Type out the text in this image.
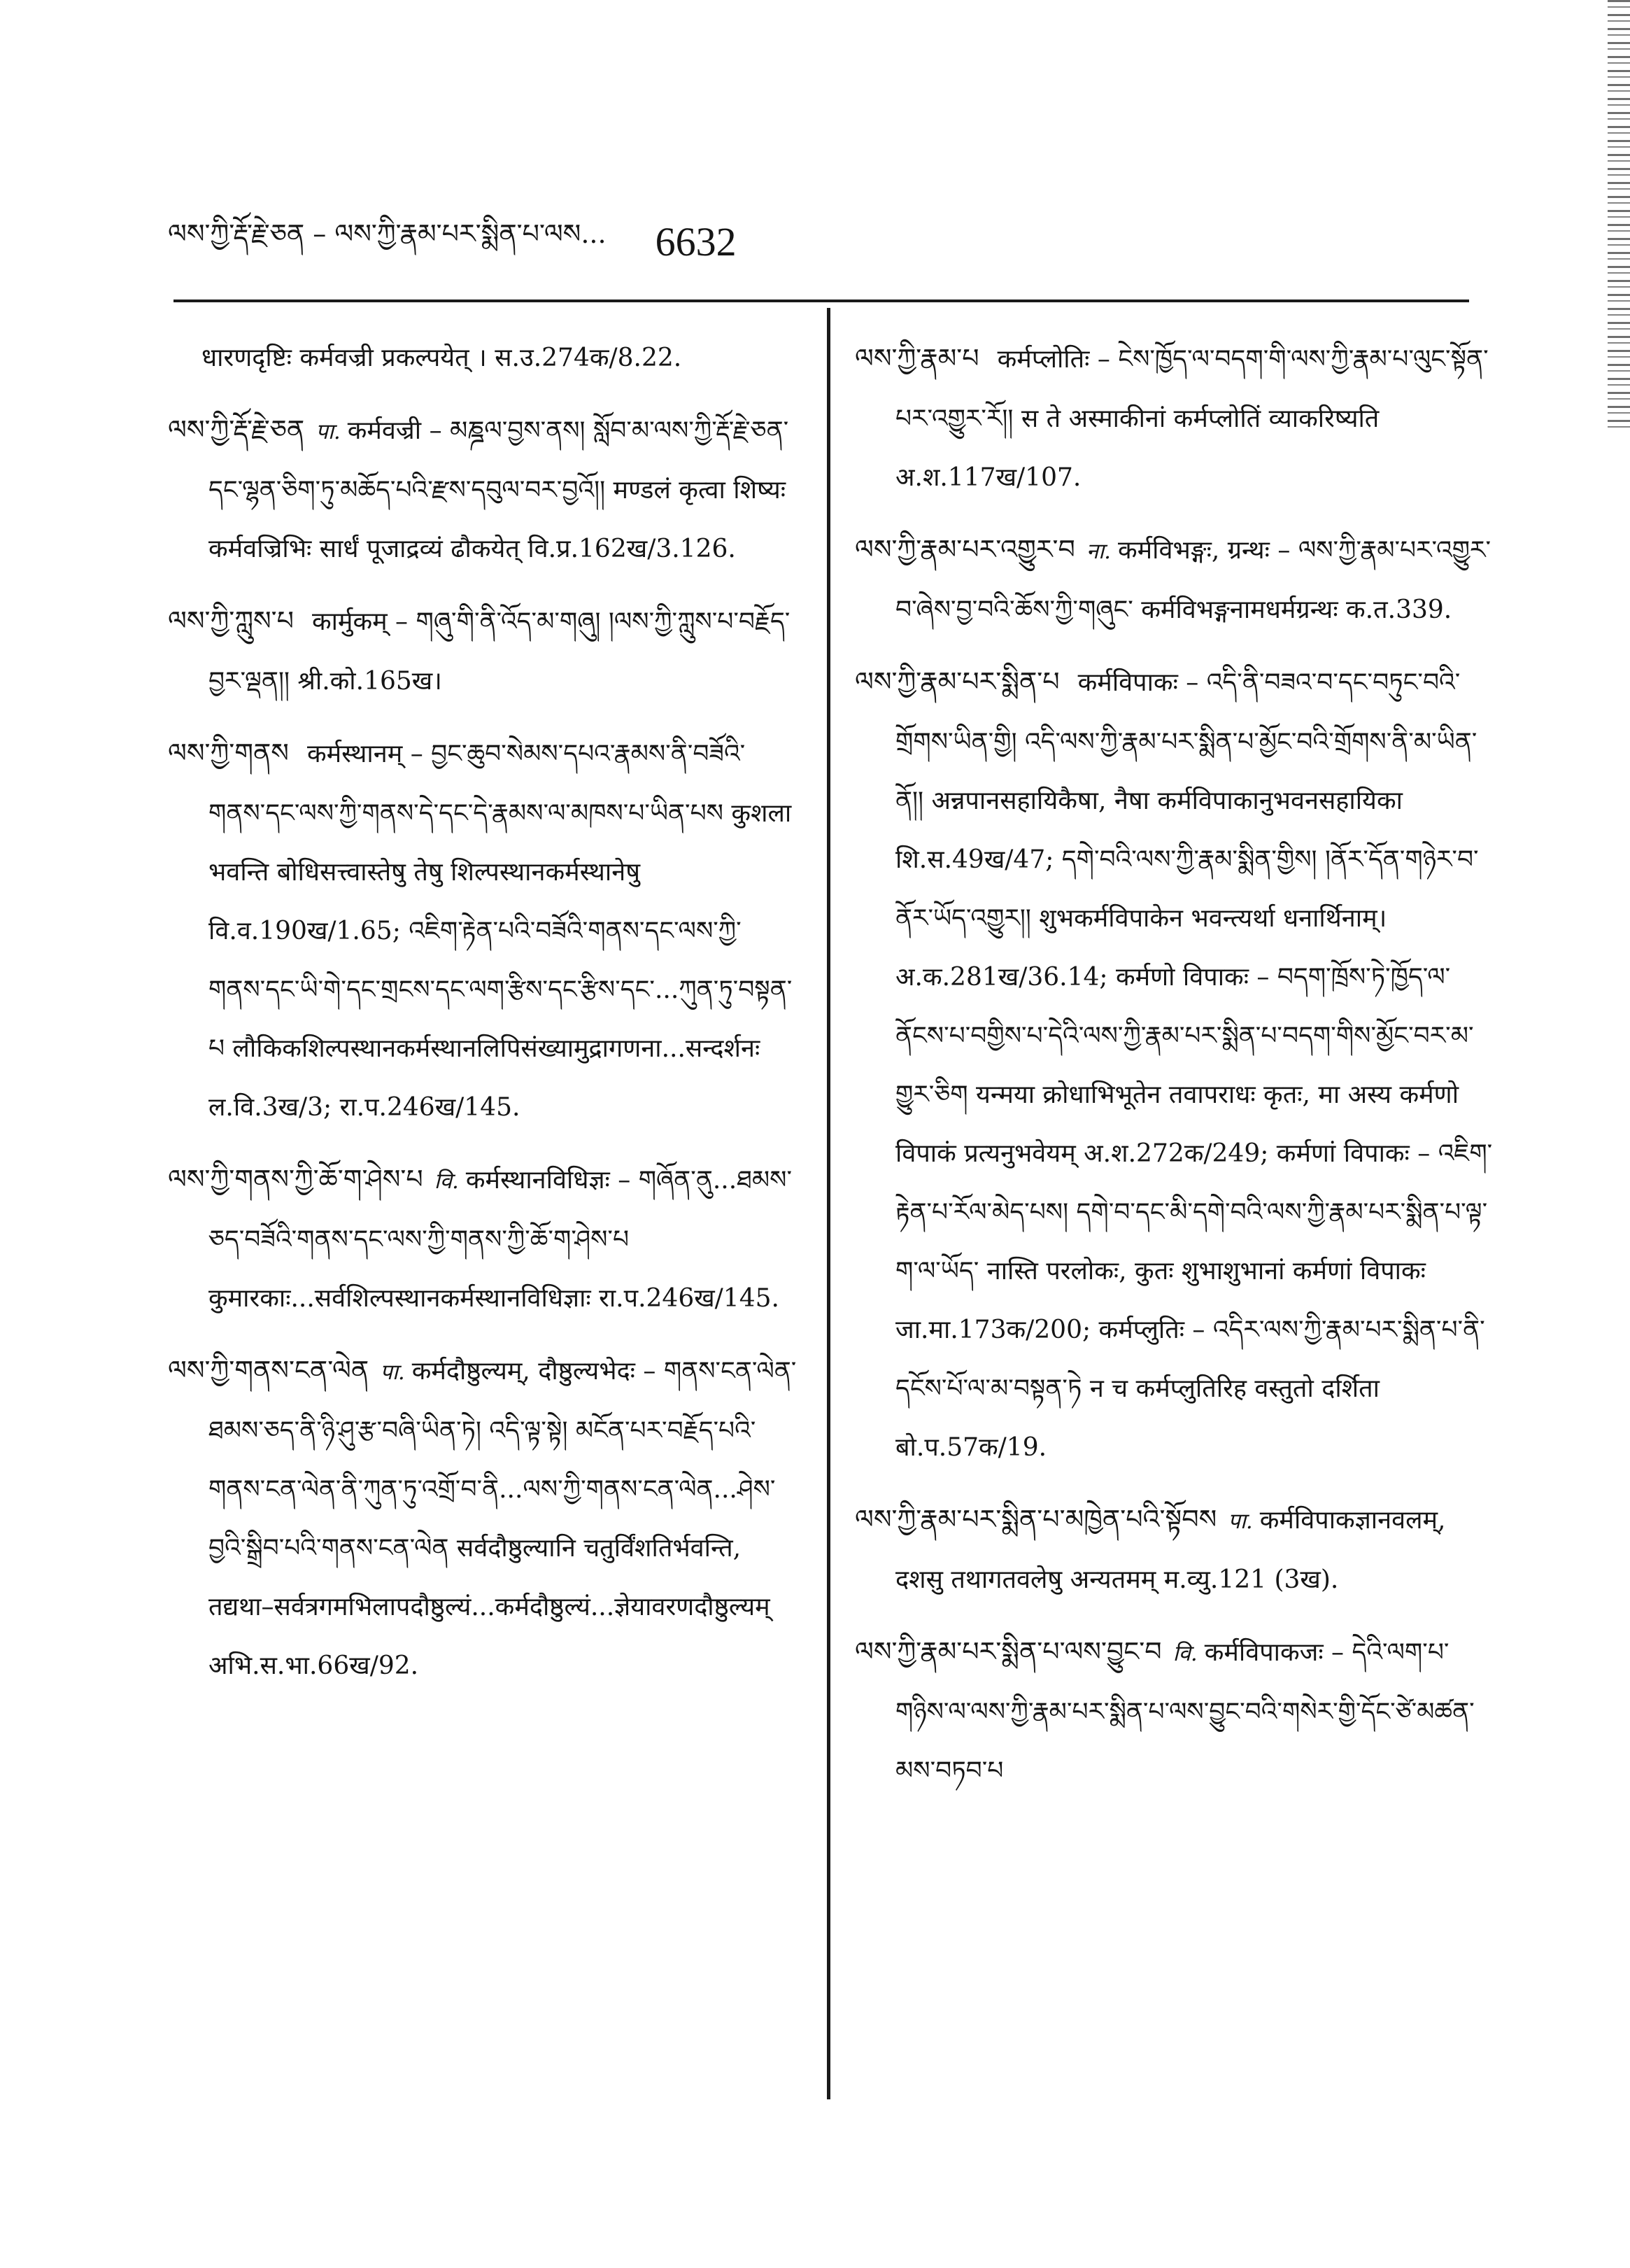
ལས་ཀྱི་རྡོ་རྗེ་ཅན – ལས་ཀྱི་རྣམ་པར་སྨིན་པ་ལས... 6632

धारणदृष्टिः कर्मवज्री प्रकल्पयेत् । स.उ.274क/8.22.

ལས་ཀྱི་རྡོ་རྗེ་ཅན पा. कर्मवज्री – མཎྜལ་བྱས་ནས། སློབ་མ་ལས་ཀྱི་རྡོ་རྗེ་ཅན་དང་ལྷན་ཅིག་ཏུ་མཆོད་པའི་རྫས་དབུལ་བར་བྱའོ།། मण्डलं कृत्वा शिष्यः कर्मवज्रिभिः सार्धं पूजाद्रव्यं ढौकयेत् वि.प्र.162ख/3.126.

ལས་ཀྱི་ཀླུས་པ कार्मुकम् – གཞུ་གི་ནི་འོད་མ་གཞུ། །ལས་ཀྱི་ཀླུས་པ་བརྗོད་བྱར་ལྡན།། श्री.को.165ख।

ལས་ཀྱི་གནས कर्मस्थानम् – བྱང་ཆུབ་སེམས་དཔའ་རྣམས་ནི་བཟོའི་གནས་དང་ལས་ཀྱི་གནས་དེ་དང་དེ་རྣམས་ལ་མཁས་པ་ཡིན་པས कुशला भवन्ति बोधिसत्त्वास्तेषु तेषु शिल्पस्थानकर्मस्थानेषु वि.व.190ख/1.65; འཇིག་རྟེན་པའི་བཟོའི་གནས་དང་ལས་ཀྱི་གནས་དང་ཡི་གེ་དང་གྲངས་དང་ལག་རྩིས་དང་རྩིས་དང་...ཀུན་ཏུ་བསྟན་པ लौकिकशिल्पस्थानकर्मस्थानलिपिसंख्यामुद्रागणना...सन्दर्शनः ल.वि.3ख/3; रा.प.246ख/145.

ལས་ཀྱི་གནས་ཀྱི་ཆོ་ག་ཤེས་པ वि. कर्मस्थानविधिज्ञः – གཞོན་ནུ...ཐམས་ཅད་བཟོའི་གནས་དང་ལས་ཀྱི་གནས་ཀྱི་ཆོ་ག་ཤེས་པ कुमारकाः...सर्वशिल्पस्थानकर्मस्थानविधिज्ञाः रा.प.246ख/145.

ལས་ཀྱི་གནས་ངན་ལེན पा. कर्मदौष्ठुल्यम्, दौष्ठुल्यभेदः – གནས་ངན་ལེན་ཐམས་ཅད་ནི་ཉི་ཤུ་རྩ་བཞི་ཡིན་ཏེ། འདི་ལྟ་སྟེ། མངོན་པར་བརྗོད་པའི་གནས་ངན་ལེན་ནི་ཀུན་ཏུ་འགྲོ་བ་ནི...ལས་ཀྱི་གནས་ངན་ལེན...ཤེས་བྱའི་སྒྲིབ་པའི་གནས་ངན་ལེན सर्वदौष्ठुल्यानि चतुर्विंशतिर्भवन्ति, तद्यथा–सर्वत्रगमभिलापदौष्ठुल्यं...कर्मदौष्ठुल्यं...ज्ञेयावरणदौष्ठुल्यम् अभि.स.भा.66ख/92.

ལས་ཀྱི་རྣམ་པ कर्मप्लोतिः – ངེས་ཁྱོད་ལ་བདག་གི་ལས་ཀྱི་རྣམ་པ་ལུང་སྟོན་པར་འགྱུར་རོ།། स ते अस्माकीनां कर्मप्लोतिं व्याकरिष्यति अ.श.117ख/107.

ལས་ཀྱི་རྣམ་པར་འགྱུར་བ ना. कर्मविभङ्गः, ग्रन्थः – ལས་ཀྱི་རྣམ་པར་འགྱུར་བ་ཞེས་བྱ་བའི་ཆོས་ཀྱི་གཞུང་ कर्मविभङ्गनामधर्मग्रन्थः क.त.339.

ལས་ཀྱི་རྣམ་པར་སྨིན་པ कर्मविपाकः – འདི་ནི་བཟའ་བ་དང་བཏུང་བའི་གྲོགས་ཡིན་གྱི། འདི་ལས་ཀྱི་རྣམ་པར་སྨིན་པ་མྱོང་བའི་གྲོགས་ནི་མ་ཡིན་ནོ།། अन्नपानसहायिकैषा, नैषा कर्मविपाकानुभवनसहायिका शि.स.49ख/47; དགེ་བའི་ལས་ཀྱི་རྣམ་སྨིན་གྱིས། །ནོར་དོན་གཉེར་བ་ནོར་ཡོད་འགྱུར།། शुभकर्मविपाकेन भवन्त्यर्था धनार्थिनाम्। अ.क.281ख/36.14; कर्मणो विपाकः – བདག་ཁྲོས་ཏེ་ཁྱོད་ལ་ནོངས་པ་བགྱིས་པ་དེའི་ལས་ཀྱི་རྣམ་པར་སྨིན་པ་བདག་གིས་མྱོང་བར་མ་གྱུར་ཅིག यन्मया क्रोधाभिभूतेन तवापराधः कृतः, मा अस्य कर्मणो विपाकं प्रत्यनुभवेयम् अ.श.272क/249; कर्मणां विपाकः – འཇིག་རྟེན་པ་རོལ་མེད་པས། དགེ་བ་དང་མི་དགེ་བའི་ལས་ཀྱི་རྣམ་པར་སྨིན་པ་ལྟ་ག་ལ་ཡོད་ नास्ति परलोकः, कुतः शुभाशुभानां कर्मणां विपाकः जा.मा.173क/200; कर्मप्लुतिः – འདིར་ལས་ཀྱི་རྣམ་པར་སྨིན་པ་ནི་དངོས་པོ་ལ་མ་བསྟན་ཏེ न च कर्मप्लुतिरिह वस्तुतो दर्शिता बो.प.57क/19.

ལས་ཀྱི་རྣམ་པར་སྨིན་པ་མཁྱེན་པའི་སྟོབས पा. कर्मविपाकज्ञानवलम्, दशसु तथागतवलेषु अन्यतमम् म.व्यु.121 (3ख).

ལས་ཀྱི་རྣམ་པར་སྨིན་པ་ལས་བྱུང་བ वि. कर्मविपाकजः – དེའི་ལག་པ་གཉིས་ལ་ལས་ཀྱི་རྣམ་པར་སྨིན་པ་ལས་བྱུང་བའི་གསེར་གྱི་དོང་ཙེ་མཚན་མས་བཏབ་པ
